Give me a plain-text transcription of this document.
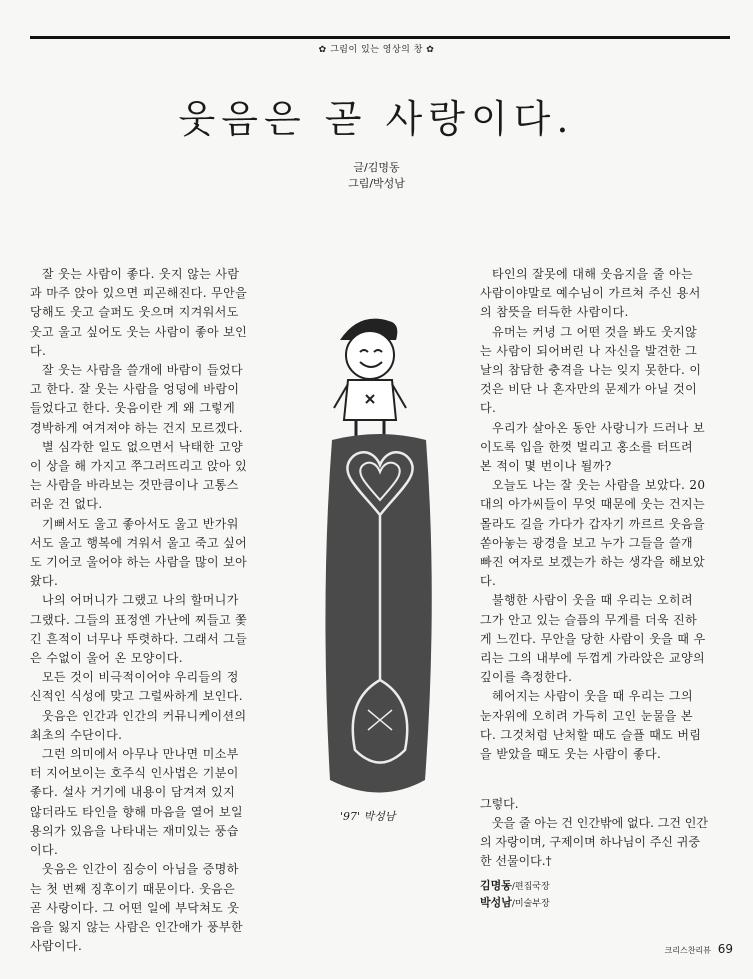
✿ 그림이 있는 영상의 창 ✿
웃음은 곧 사랑이다.
글/김명동
그림/박성남

잘 웃는 사람이 좋다. 웃지 않는 사람과 마주 앉아 있으면 피곤해진다. 무안을 당해도 웃고 슬퍼도 웃으며 지겨워서도 웃고 울고 싶어도 웃는 사람이 좋아 보인다.

잘 웃는 사람을 쓸개에 바람이 들었다고 한다. 잘 웃는 사람을 엉덩에 바람이 들었다고 한다. 웃음이란 게 왜 그렇게 경박하게 여겨져야 하는 건지 모르겠다.

별 심각한 일도 없으면서 낙태한 고양이 상을 해 가지고 쭈그러뜨리고 앉아 있는 사람을 바라보는 것만큼이나 고통스러운 건 없다.

기뻐서도 울고 좋아서도 울고 반가워서도 울고 행복에 겨워서 울고 죽고 싶어도 기어코 울어야 하는 사람을 많이 보아 왔다.

나의 어머니가 그랬고 나의 할머니가 그랬다. 그들의 표정엔 가난에 찌들고 쫓긴 흔적이 너무나 뚜렷하다. 그래서 그들은 수없이 울어 온 모양이다.

모든 것이 비극적이어야 우리들의 정신적인 식성에 맞고 그럴싸하게 보인다.

웃음은 인간과 인간의 커뮤니케이션의 최초의 수단이다.

그런 의미에서 아무나 만나면 미소부터 지어보이는 호주식 인사법은 기분이 좋다. 설사 거기에 내용이 담겨져 있지 않더라도 타인을 향해 마음을 열어 보일 용의가 있음을 나타내는 재미있는 풍습이다.

웃음은 인간이 짐승이 아님을 증명하는 첫 번째 징후이기 때문이다. 웃음은 곧 사랑이다. 그 어떤 일에 부닥쳐도 웃음을 잃지 않는 사람은 인간애가 풍부한 사람이다.

'97' 박성남

타인의 잘못에 대해 웃음지을 줄 아는 사람이야말로 예수님이 가르쳐 주신 용서의 참뜻을 터득한 사람이다.

유머는 커녕 그 어떤 것을 봐도 웃지않는 사람이 되어버린 나 자신을 발견한 그날의 참담한 충격을 나는 잊지 못한다. 이것은 비단 나 혼자만의 문제가 아닐 것이다.

우리가 살아온 동안 사랑니가 드러나 보이도록 입을 한껏 벌리고 홍소를 터뜨려 본 적이 몇 번이나 될까?

오늘도 나는 잘 웃는 사람을 보았다. 20대의 아가씨들이 무엇 때문에 웃는 건지는 몰라도 길을 가다가 갑자기 까르르 웃음을 쏟아놓는 광경을 보고 누가 그들을 쓸개 빠진 여자로 보겠는가 하는 생각을 해보았다.

불행한 사람이 웃을 때 우리는 오히려 그가 안고 있는 슬픔의 무게를 더욱 진하게 느낀다. 무안을 당한 사람이 웃을 때 우리는 그의 내부에 두껍게 가라앉은 교양의 깊이를 측정한다.

헤어지는 사람이 웃을 때 우리는 그의 눈자위에 오히려 가득히 고인 눈물을 본다. 그것처럼 난처할 때도 슬플 때도 버림을 받았을 때도 웃는 사람이 좋다.

그렇다.

웃을 줄 아는 건 인간밖에 없다. 그건 인간의 자랑이며, 구제이며 하나님이 주신 귀중한 선물이다.†

김명동/편집국장
박성남/미술부장
크리스찬리뷰 69
